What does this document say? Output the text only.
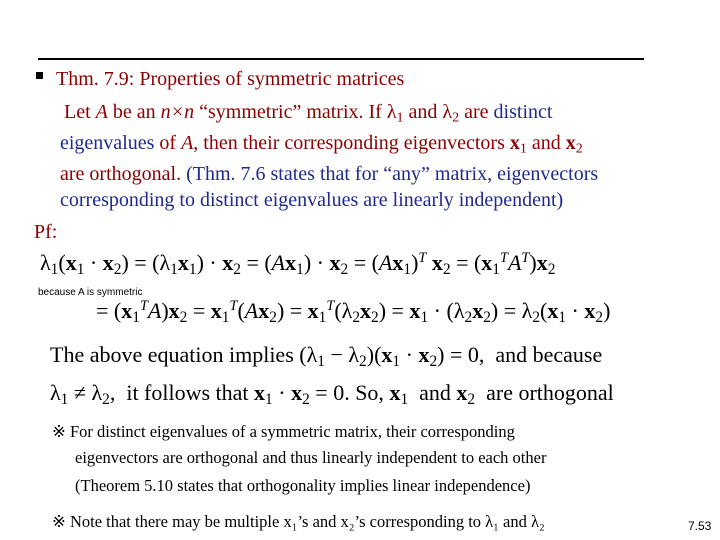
Thm. 7.9: Properties of symmetric matrices
Let A be an n×n “symmetric” matrix. If $\lambda_1$ and $\lambda_2$ are distinct
eigenvalues of A, then their corresponding eigenvectors $x_1$ and $x_2$
are orthogonal. (Thm. 7.6 states that for “any” matrix, eigenvectors
corresponding to distinct eigenvalues are linearly independent)
Pf:
$\lambda_1(x_1 \cdot x_2) = (\lambda_1x_1) \cdot x_2 = (Ax_1) \cdot x_2 = (Ax_1)^T$ $x_2 = (x_1^TA^T)x_2$
because A is symmetric
= $(x_1^TA)x_2 = x_1^T(Ax_2) = x_1^T(\lambda_2x_2) = x_1 \cdot (\lambda_2x_2) = \lambda_2(x_1 \cdot x_2)$
The above equation implies $(\lambda_1 - \lambda_2)(x_1 \cdot x_2) = 0$,  and because
$\lambda_1 \ne \lambda_2$,  it follows that $x_1 \cdot x_2 = 0$. So, $x_1$  and $x_2$  are orthogonal
※ For distinct eigenvalues of a symmetric matrix, their corresponding
eigenvectors are orthogonal and thus linearly independent to each other
(Theorem 5.10 states that orthogonality implies linear independence)
※ Note that there may be multiple x₁’s and x₂’s corresponding to λ₁ and λ₂	7.53
